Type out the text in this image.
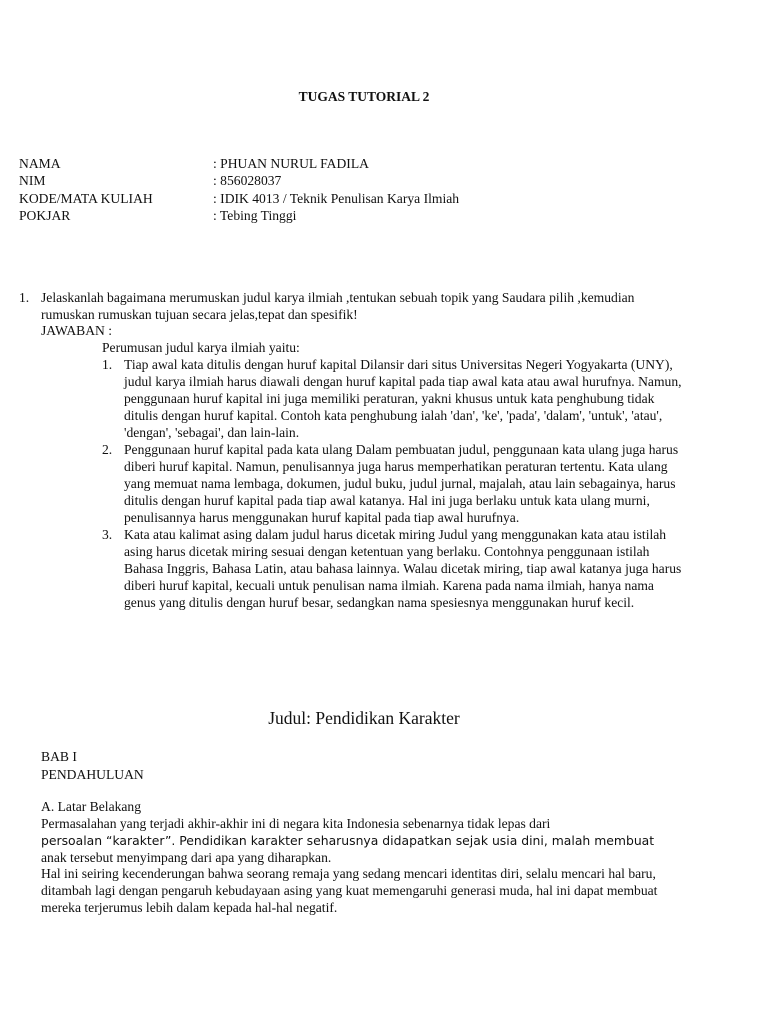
TUGAS TUTORIAL 2
NAMA	: PHUAN NURUL FADILA
NIM	: 856028037
KODE/MATA KULIAH	: IDIK 4013 / Teknik Penulisan Karya Ilmiah
POKJAR	: Tebing Tinggi
1. Jelaskanlah bagaimana merumuskan judul karya ilmiah ,tentukan sebuah topik yang Saudara pilih ,kemudian rumuskan rumuskan tujuan secara jelas,tepat dan spesifik!
JAWABAN :
Perumusan judul karya ilmiah yaitu:
1. Tiap awal kata ditulis dengan huruf kapital Dilansir dari situs Universitas Negeri Yogyakarta (UNY), judul karya ilmiah harus diawali dengan huruf kapital pada tiap awal kata atau awal hurufnya. Namun, penggunaan huruf kapital ini juga memiliki peraturan, yakni khusus untuk kata penghubung tidak ditulis dengan huruf kapital. Contoh kata penghubung ialah 'dan', 'ke', 'pada', 'dalam', 'untuk', 'atau', 'dengan', 'sebagai', dan lain-lain.
2. Penggunaan huruf kapital pada kata ulang Dalam pembuatan judul, penggunaan kata ulang juga harus diberi huruf kapital. Namun, penulisannya juga harus memperhatikan peraturan tertentu. Kata ulang yang memuat nama lembaga, dokumen, judul buku, judul jurnal, majalah, atau lain sebagainya, harus ditulis dengan huruf kapital pada tiap awal katanya. Hal ini juga berlaku untuk kata ulang murni, penulisannya harus menggunakan huruf kapital pada tiap awal hurufnya.
3. Kata atau kalimat asing dalam judul harus dicetak miring Judul yang menggunakan kata atau istilah asing harus dicetak miring sesuai dengan ketentuan yang berlaku. Contohnya penggunaan istilah Bahasa Inggris, Bahasa Latin, atau bahasa lainnya. Walau dicetak miring, tiap awal katanya juga harus diberi huruf kapital, kecuali untuk penulisan nama ilmiah. Karena pada nama ilmiah, hanya nama genus yang ditulis dengan huruf besar, sedangkan nama spesiesnya menggunakan huruf kecil.
Judul: Pendidikan Karakter
BAB I
PENDAHULUAN
A. Latar Belakang
Permasalahan yang terjadi akhir-akhir ini di negara kita Indonesia sebenarnya tidak lepas dari
persoalan “karakter”. Pendidikan karakter seharusnya didapatkan sejak usia dini, malah membuat
anak tersebut menyimpang dari apa yang diharapkan.
Hal ini seiring kecenderungan bahwa seorang remaja yang sedang mencari identitas diri, selalu mencari hal baru, ditambah lagi dengan pengaruh kebudayaan asing yang kuat memengaruhi generasi muda, hal ini dapat membuat mereka terjerumus lebih dalam kepada hal-hal negatif.
